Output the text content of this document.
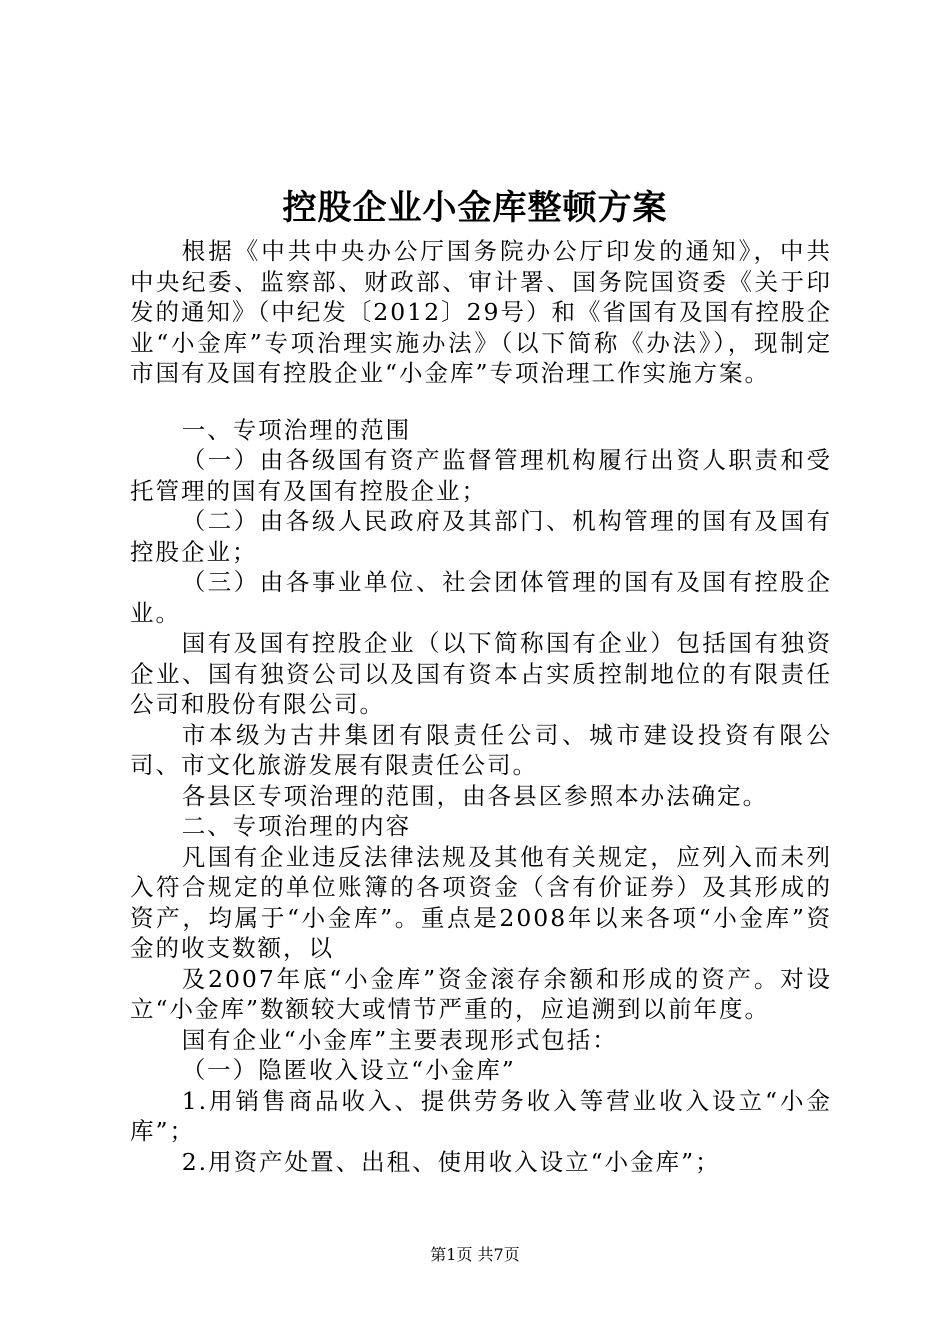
控股企业小金库整顿方案

根据《中共中央办公厅国务院办公厅印发的通知》，中共中央纪委、监察部、财政部、审计署、国务院国资委《关于印发的通知》（中纪发〔2012〕29号）和《省国有及国有控股企业“小金库”专项治理实施办法》（以下简称《办法》），现制定市国有及国有控股企业“小金库”专项治理工作实施方案。

一、专项治理的范围

（一）由各级国有资产监督管理机构履行出资人职责和受托管理的国有及国有控股企业；

（二）由各级人民政府及其部门、机构管理的国有及国有控股企业；

（三）由各事业单位、社会团体管理的国有及国有控股企业。

国有及国有控股企业（以下简称国有企业）包括国有独资企业、国有独资公司以及国有资本占实质控制地位的有限责任公司和股份有限公司。

市本级为古井集团有限责任公司、城市建设投资有限公司、市文化旅游发展有限责任公司。

各县区专项治理的范围，由各县区参照本办法确定。

二、专项治理的内容

凡国有企业违反法律法规及其他有关规定，应列入而未列入符合规定的单位账簿的各项资金（含有价证券）及其形成的资产，均属于“小金库”。重点是2008年以来各项“小金库”资金的收支数额，以

及2007年底“小金库”资金滚存余额和形成的资产。对设立“小金库”数额较大或情节严重的，应追溯到以前年度。

国有企业“小金库”主要表现形式包括：

（一）隐匿收入设立“小金库”

1.用销售商品收入、提供劳务收入等营业收入设立“小金库”；

2.用资产处置、出租、使用收入设立“小金库”；

第1页 共7页
